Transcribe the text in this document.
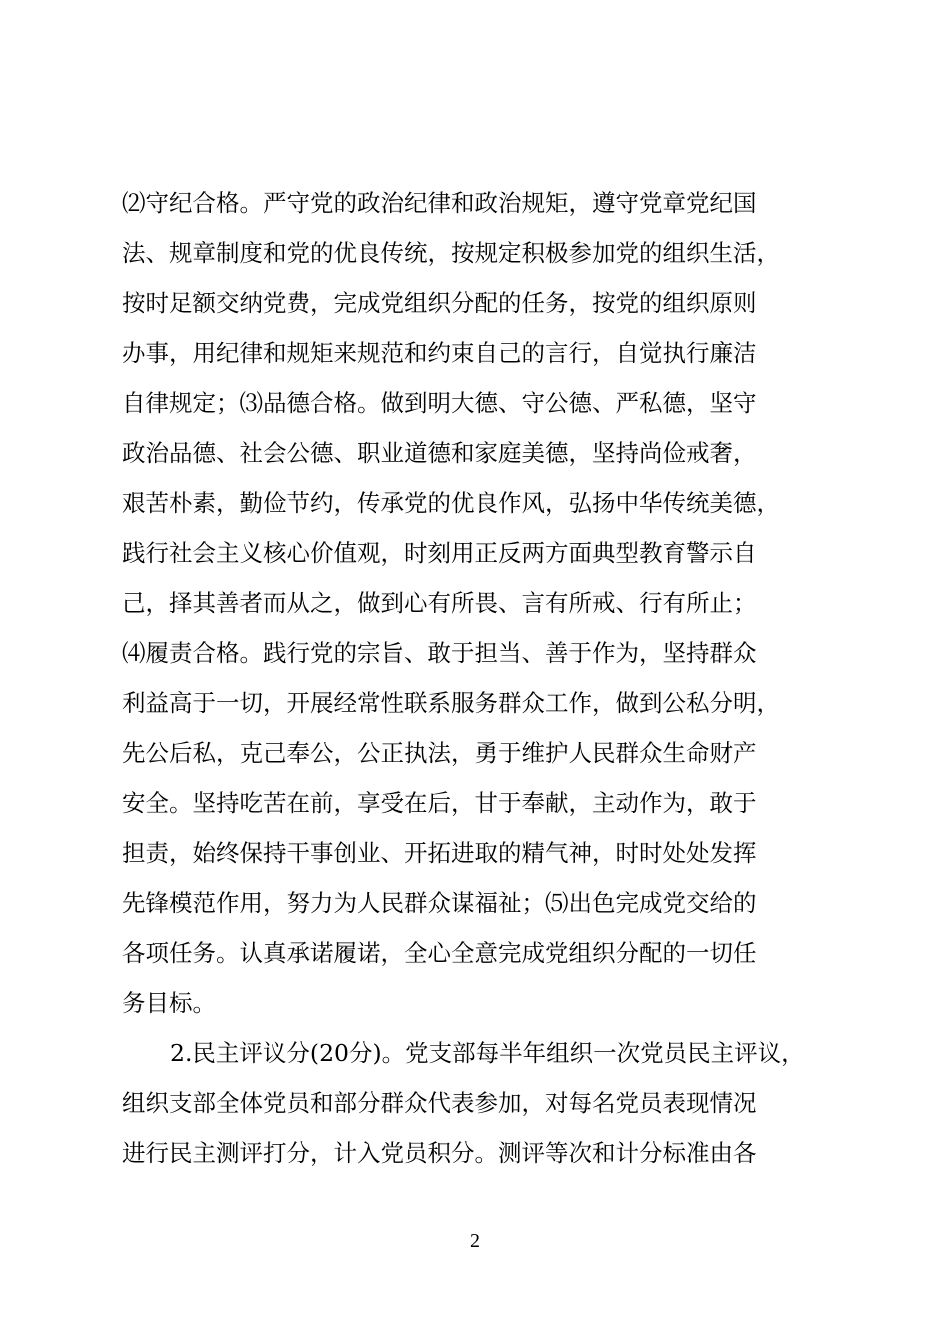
⑵守纪合格。严守党的政治纪律和政治规矩，遵守党章党纪国
法、规章制度和党的优良传统，按规定积极参加党的组织生活，
按时足额交纳党费，完成党组织分配的任务，按党的组织原则
办事，用纪律和规矩来规范和约束自己的言行，自觉执行廉洁
自律规定；⑶品德合格。做到明大德、守公德、严私德，坚守
政治品德、社会公德、职业道德和家庭美德，坚持尚俭戒奢，
艰苦朴素，勤俭节约，传承党的优良作风，弘扬中华传统美德，
践行社会主义核心价值观，时刻用正反两方面典型教育警示自
己，择其善者而从之，做到心有所畏、言有所戒、行有所止；
⑷履责合格。践行党的宗旨、敢于担当、善于作为，坚持群众
利益高于一切，开展经常性联系服务群众工作，做到公私分明，
先公后私，克己奉公，公正执法，勇于维护人民群众生命财产
安全。坚持吃苦在前，享受在后，甘于奉献，主动作为，敢于
担责，始终保持干事创业、开拓进取的精气神，时时处处发挥
先锋模范作用，努力为人民群众谋福祉；⑸出色完成党交给的
各项任务。认真承诺履诺，全心全意完成党组织分配的一切任
务目标。
2.民主评议分(20分)。党支部每半年组织一次党员民主评议，
组织支部全体党员和部分群众代表参加，对每名党员表现情况
进行民主测评打分，计入党员积分。测评等次和计分标准由各
2
